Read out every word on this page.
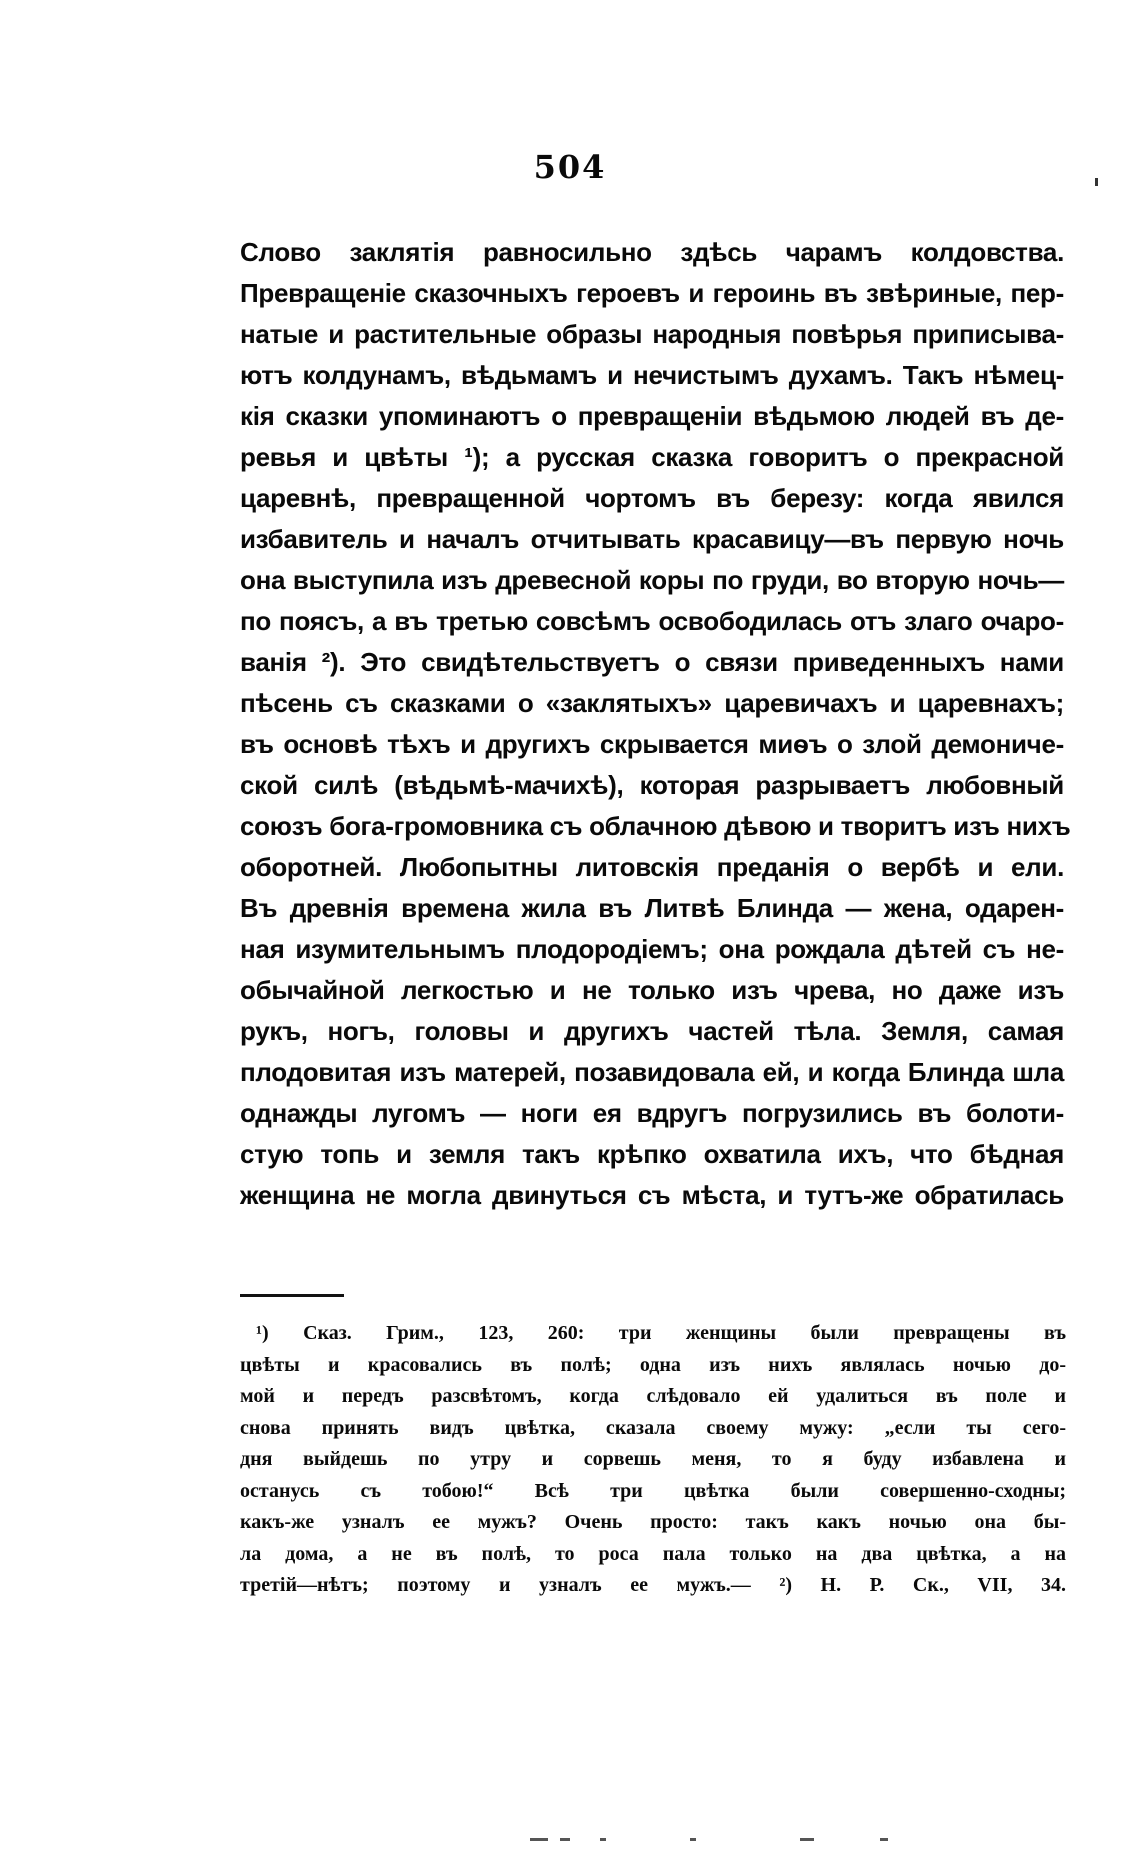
504
Слово заклятія равносильно здѣсь чарамъ колдовства.
Превращеніе сказочныхъ героевъ и героинь въ звѣриные, пер-
натые и растительные образы народныя повѣрья приписыва-
ютъ колдунамъ, вѣдьмамъ и нечистымъ духамъ. Такъ нѣмец-
кія сказки упоминаютъ о превращеніи вѣдьмою людей въ де-
ревья и цвѣты ¹); а русская сказка говоритъ о прекрасной
царевнѣ, превращенной чортомъ въ березу: когда явился
избавитель и началъ отчитывать красавицу—въ первую ночь
она выступила изъ древесной коры по груди, во вторую ночь—
по поясъ, а въ третью совсѣмъ освободилась отъ злаго очаро-
ванія ²). Это свидѣтельствуетъ о связи приведенныхъ нами
пѣсень съ сказками о «заклятыхъ» царевичахъ и царевнахъ;
въ основѣ тѣхъ и другихъ скрывается миѳъ о злой демониче-
ской силѣ (вѣдьмѣ-мачихѣ), которая разрываетъ любовный
союзъ бога-громовника съ облачною дѣвою и творитъ изъ нихъ
оборотней. Любопытны литовскія преданія о вербѣ и ели.
Въ древнія времена жила въ Литвѣ Блинда — жена, одарен-
ная изумительнымъ плодородіемъ; она рождала дѣтей съ не-
обычайной легкостью и не только изъ чрева, но даже изъ
рукъ, ногъ, головы и другихъ частей тѣла. Земля, самая
плодовитая изъ матерей, позавидовала ей, и когда Блинда шла
однажды лугомъ — ноги ея вдругъ погрузились въ болоти-
стую топь и земля такъ крѣпко охватила ихъ, что бѣдная
женщина не могла двинуться съ мѣста, и тутъ-же обратилась
¹) Сказ. Грим., 123, 260: три женщины были превращены въ
цвѣты и красовались въ полѣ; одна изъ нихъ являлась ночью до-
мой и передъ разсвѣтомъ, когда слѣдовало ей удалиться въ поле и
снова принять видъ цвѣтка, сказала своему мужу: „если ты сего-
дня выйдешь по утру и сорвешь меня, то я буду избавлена и
останусь съ тобою!“ Всѣ три цвѣтка были совершенно-сходны;
какъ-же узналъ ее мужъ? Очень просто: такъ какъ ночью она бы-
ла дома, а не въ полѣ, то роса пала только на два цвѣтка, а на
третій—нѣтъ; поэтому и узналъ ее мужъ.— ²) Н. Р. Ск., VII, 34.
